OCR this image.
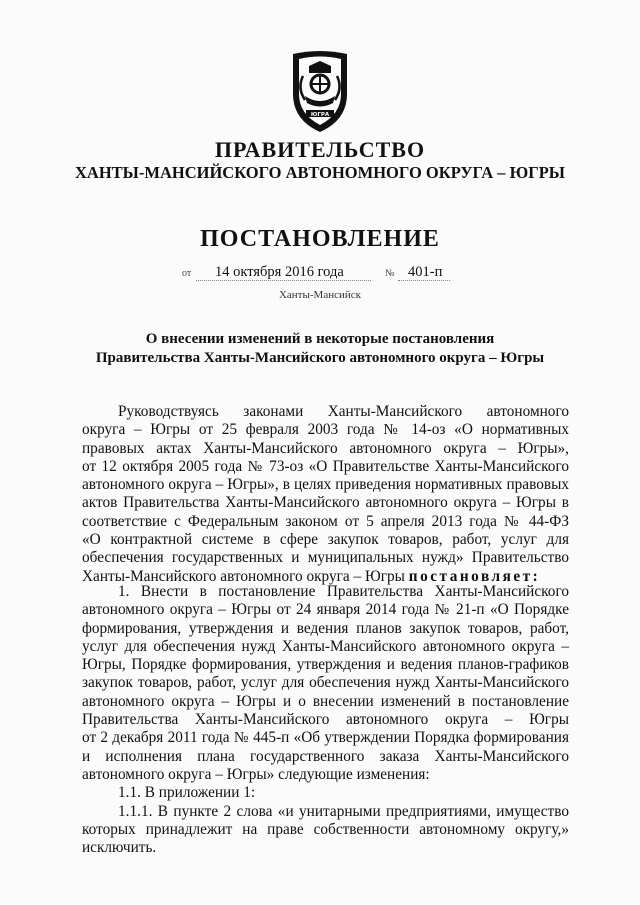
ЮГРА
ПРАВИТЕЛЬСТВО
ХАНТЫ-МАНСИЙСКОГО АВТОНОМНОГО ОКРУГА – ЮГРЫ
ПОСТАНОВЛЕНИЕ
от 14 октября 2016 года	№ 401-п
Ханты-Мансийск
О внесении изменений в некоторые постановления
Правительства Ханты-Мансийского автономного округа – Югры
Руководствуясь законами Ханты-Мансийского автономного
округа – Югры от 25 февраля 2003 года № 14-оз «О нормативных
правовых актах Ханты-Мансийского автономного округа – Югры»,
от 12 октября 2005 года № 73-оз «О Правительстве Ханты-Мансийского
автономного округа – Югры», в целях приведения нормативных правовых
актов Правительства Ханты-Мансийского автономного округа – Югры в
соответствие с Федеральным законом от 5 апреля 2013 года № 44-ФЗ
«О контрактной системе в сфере закупок товаров, работ, услуг для
обеспечения государственных и муниципальных нужд» Правительство
Ханты-Мансийского автономного округа – Югры постановляет:
1. Внести в постановление Правительства Ханты-Мансийского
автономного округа – Югры от 24 января 2014 года № 21-п «О Порядке
формирования, утверждения и ведения планов закупок товаров, работ,
услуг для обеспечения нужд Ханты-Мансийского автономного округа –
Югры, Порядке формирования, утверждения и ведения планов-графиков
закупок товаров, работ, услуг для обеспечения нужд Ханты-Мансийского
автономного округа – Югры и о внесении изменений в постановление
Правительства Ханты-Мансийского автономного округа – Югры
от 2 декабря 2011 года № 445-п «Об утверждении Порядка формирования
и исполнения плана государственного заказа Ханты-Мансийского
автономного округа – Югры» следующие изменения:
1.1. В приложении 1:
1.1.1. В пункте 2 слова «и унитарными предприятиями, имущество
которых принадлежит на праве собственности автономному округу,»
исключить.
